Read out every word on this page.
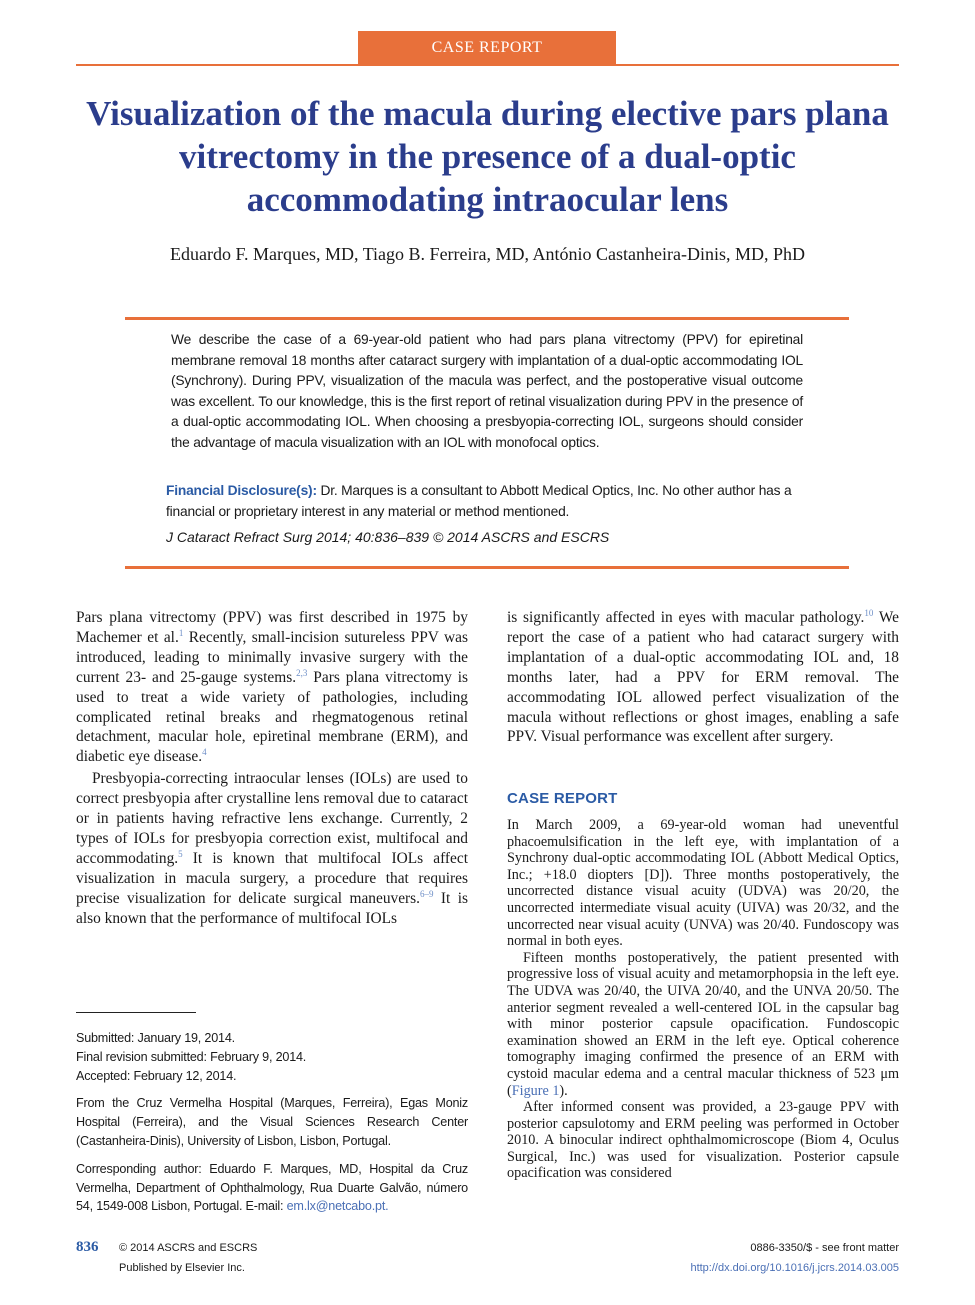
CASE REPORT
Visualization of the macula during elective pars plana vitrectomy in the presence of a dual-optic accommodating intraocular lens
Eduardo F. Marques, MD, Tiago B. Ferreira, MD, António Castanheira-Dinis, MD, PhD
We describe the case of a 69-year-old patient who had pars plana vitrectomy (PPV) for epiretinal membrane removal 18 months after cataract surgery with implantation of a dual-optic accommodating IOL (Synchrony). During PPV, visualization of the macula was perfect, and the postoperative visual outcome was excellent. To our knowledge, this is the first report of retinal visualization during PPV in the presence of a dual-optic accommodating IOL. When choosing a presbyopia-correcting IOL, surgeons should consider the advantage of macula visualization with an IOL with monofocal optics.
Financial Disclosure(s): Dr. Marques is a consultant to Abbott Medical Optics, Inc. No other author has a financial or proprietary interest in any material or method mentioned.
J Cataract Refract Surg 2014; 40:836–839 © 2014 ASCRS and ESCRS

Pars plana vitrectomy (PPV) was first described in 1975 by Machemer et al.$^1$ Recently, small-incision sutureless PPV was introduced, leading to minimally invasive surgery with the current 23- and 25-gauge systems.$^{2,3}$ Pars plana vitrectomy is used to treat a wide variety of pathologies, including complicated retinal breaks and rhegmatogenous retinal detachment, macular hole, epiretinal membrane (ERM), and diabetic eye disease.$^4$

Presbyopia-correcting intraocular lenses (IOLs) are used to correct presbyopia after crystalline lens removal due to cataract or in patients having refractive lens exchange. Currently, 2 types of IOLs for presbyopia correction exist, multifocal and accommodating.$^5$ It is known that multifocal IOLs affect visualization in macula surgery, a procedure that requires precise visualization for delicate surgical maneuvers.$^{6-9}$ It is also known that the performance of multifocal IOLs

is significantly affected in eyes with macular pathology.$^{10}$ We report the case of a patient who had cataract surgery with implantation of a dual-optic accommodating IOL and, 18 months later, had a PPV for ERM removal. The accommodating IOL allowed perfect visualization of the macula without reflections or ghost images, enabling a safe PPV. Visual performance was excellent after surgery.

CASE REPORT

In March 2009, a 69-year-old woman had uneventful phacoemulsification in the left eye, with implantation of a Synchrony dual-optic accommodating IOL (Abbott Medical Optics, Inc.; +18.0 diopters [D]). Three months postoperatively, the uncorrected distance visual acuity (UDVA) was 20/20, the uncorrected intermediate visual acuity (UIVA) was 20/32, and the uncorrected near visual acuity (UNVA) was 20/40. Fundoscopy was normal in both eyes.

Fifteen months postoperatively, the patient presented with progressive loss of visual acuity and metamorphopsia in the left eye. The UDVA was 20/40, the UIVA 20/40, and the UNVA 20/50. The anterior segment revealed a well-centered IOL in the capsular bag with minor posterior capsule opacification. Fundoscopic examination showed an ERM in the left eye. Optical coherence tomography imaging confirmed the presence of an ERM with cystoid macular edema and a central macular thickness of 523 μm (Figure 1).

After informed consent was provided, a 23-gauge PPV with posterior capsulotomy and ERM peeling was performed in October 2010. A binocular indirect ophthalmomicroscope (Biom 4, Oculus Surgical, Inc.) was used for visualization. Posterior capsule opacification was considered

Submitted: January 19, 2014.

Final revision submitted: February 9, 2014.

Accepted: February 12, 2014.

From the Cruz Vermelha Hospital (Marques, Ferreira), Egas Moniz Hospital (Ferreira), and the Visual Sciences Research Center (Castanheira-Dinis), University of Lisbon, Lisbon, Portugal.

Corresponding author: Eduardo F. Marques, MD, Hospital da Cruz Vermelha, Department of Ophthalmology, Rua Duarte Galvão, número 54, 1549-008 Lisbon, Portugal. E-mail: em.lx@netcabo.pt.

836 © 2014 ASCRS and ESCRS
Published by Elsevier Inc.
0886-3350/$ - see front matter
http://dx.doi.org/10.1016/j.jcrs.2014.03.005
